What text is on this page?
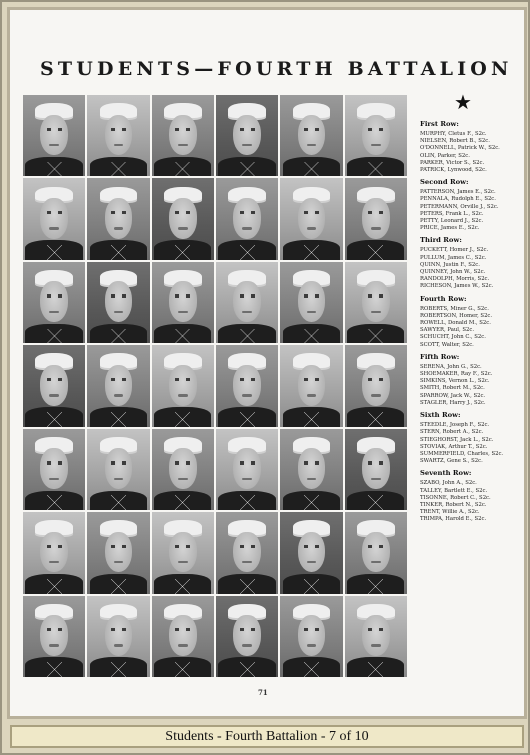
STUDENTS—FOURTH BATTALION
★
First Row:
MURPHY, Cletus F., S2c.
NIELSEN, Robert B., S2c.
O'DONNELL, Patrick W., S2c.
OLIN, Parker, S2c.
PARKER, Victor S., S2c.
PATRICK, Lynwood, S2c.
Second Row:
PATTERSON, James E., S2c.
PENNALA, Rudolph E., S2c.
PETERMANN, Orville J., S2c.
PETERS, Frank L., S2c.
PETTY, Leonard J., S2c.
PRICE, James E., S2c.
Third Row:
PUCKETT, Homer J., S2c.
PULLUM, James C., S2c.
QUINN, Justin F., S2c.
QUINNEY, John W., S2c.
RANDOLPH, Morris, S2c.
RICHESON, James W., S2c.
Fourth Row:
ROBERTS, Miner G., S2c.
ROBERTSON, Homer, S2c.
ROWELL, Donald M., S2c.
SAWYER, Paul, S2c.
SCHUCHT, John C., S2c.
SCOTT, Walter, S2c.
Fifth Row:
SERENA, John G., S2c.
SHOEMAKER, Ray F., S2c.
SIMKINS, Vernon L., S2c.
SMITH, Robert M., S2c.
SPARROW, Jack W., S2c.
STAGLER, Harry J., S2c.
Sixth Row:
STEEDLE, Joseph F., S2c.
STERN, Robert A., S2c.
STIEGHORST, Jack L., S2c.
STOVIAK, Arthur T., S2c.
SUMMERFIELD, Charles, S2c.
SWARTZ, Gene S., S2c.
Seventh Row:
SZABO, John A., S2c.
TALLEY, Bartlett E., S2c.
TISONNE, Robert C., S2c.
TINKER, Robert N., S2c.
TRENT, Willie A., S2c.
TRIMPA, Harold E., S2c.
71
Students - Fourth Battalion - 7 of 10
